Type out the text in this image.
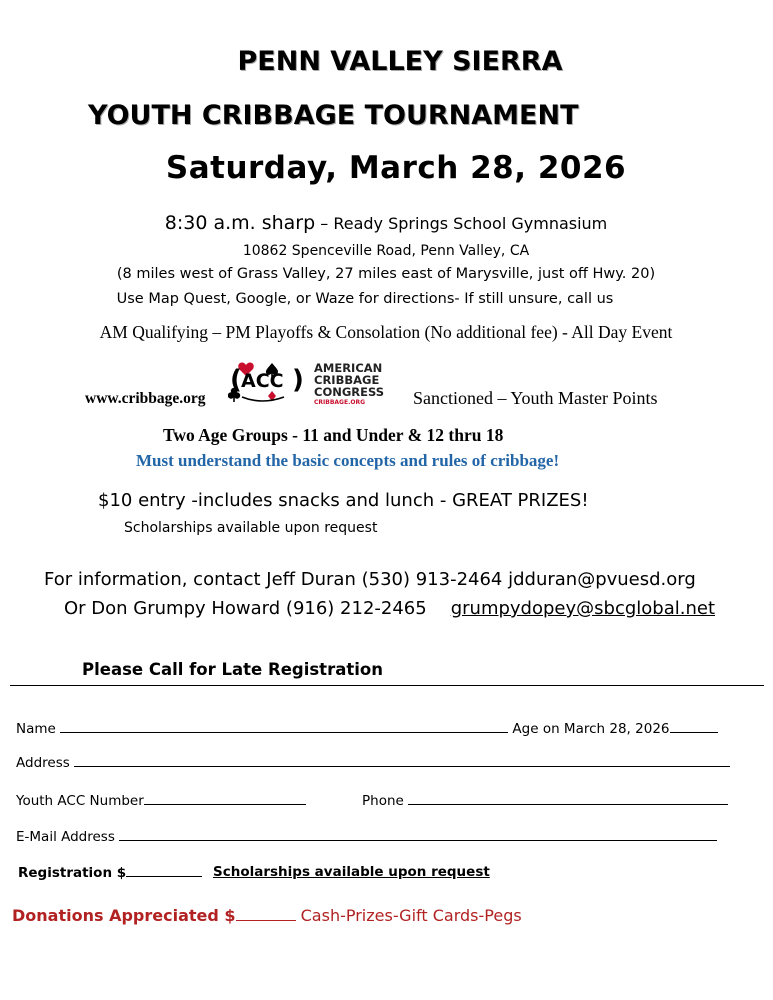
PENN VALLEY SIERRA
YOUTH CRIBBAGE TOURNAMENT
Saturday, March 28, 2026
8:30 a.m. sharp – Ready Springs School Gymnasium
10862 Spenceville Road, Penn Valley, CA
(8 miles west of Grass Valley, 27 miles east of Marysville, just off Hwy. 20)
Use Map Quest, Google, or Waze for directions- If still unsure, call us
AM Qualifying – PM Playoffs & Consolation (No additional fee) - All Day Event
( ACC ) AMERICAN
CRIBBAGE
CONGRESS
CRIBBAGE.ORG
www.cribbage.org	Sanctioned – Youth Master Points
Two Age Groups - 11 and Under & 12 thru 18
Must understand the basic concepts and rules of cribbage!
$10 entry -includes snacks and lunch - GREAT PRIZES!
Scholarships available upon request
For information, contact Jeff Duran (530) 913-2464 jdduran@pvuesd.org
Or Don Grumpy Howard (916) 212-2465 grumpydopey@sbcglobal.net
Please Call for Late Registration
Name	Age on March 28, 2026
Address
Youth ACC Number	Phone
E-Mail Address
Registration $	Scholarships available upon request
Donations Appreciated $	Cash-Prizes-Gift Cards-Pegs
